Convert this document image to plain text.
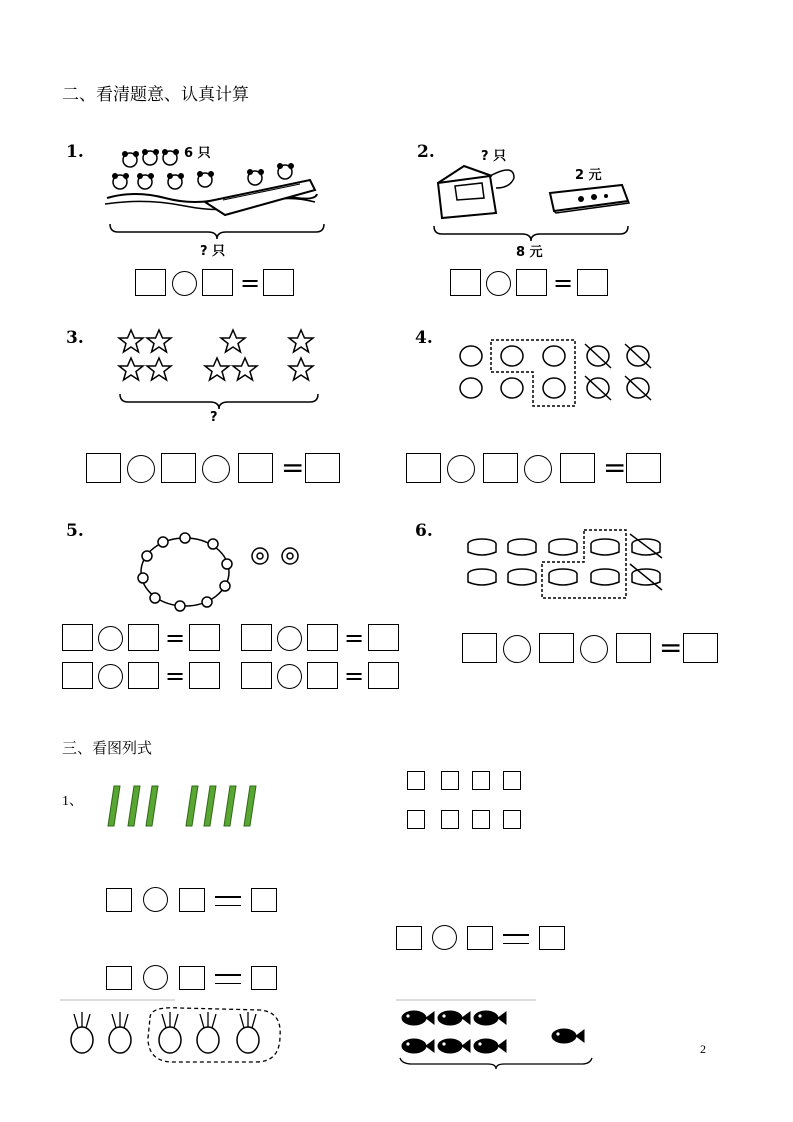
二、看清题意、认真计算
1.	6 只
? 只
=
2.	? 只
2 元
8 元
=
3.
?
=
4.
=
5.
=	=
=	=
6.
=
三、看图列式
1、
2
